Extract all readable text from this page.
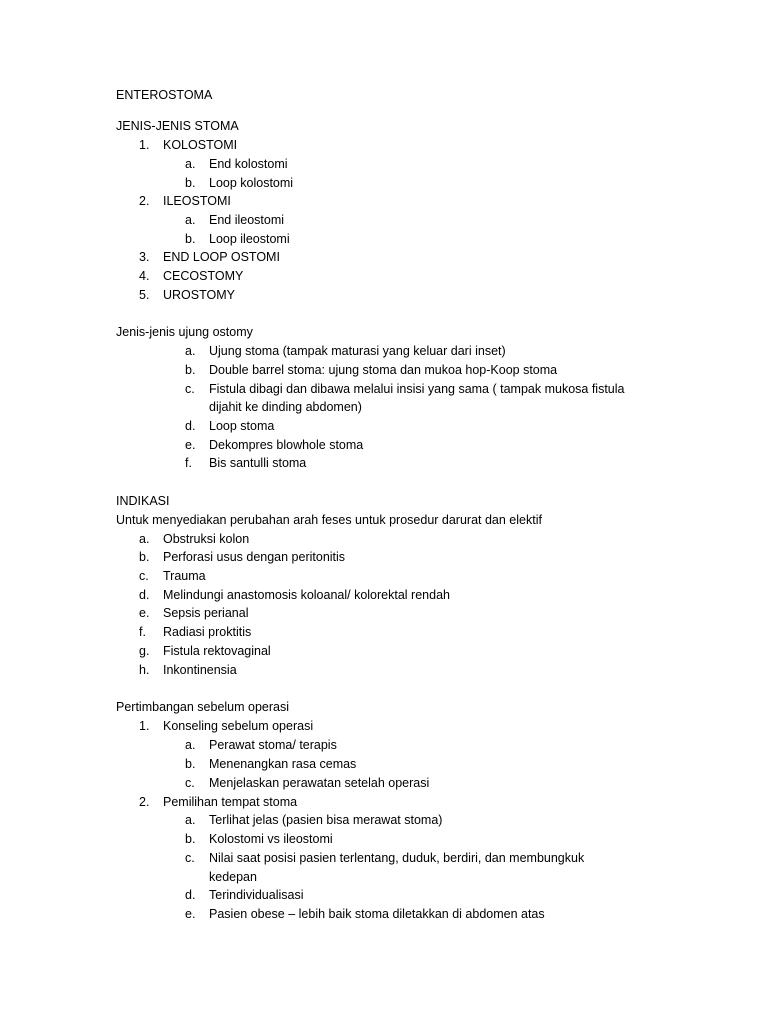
ENTEROSTOMA
JENIS-JENIS STOMA
1. KOLOSTOMI
a. End kolostomi
b. Loop kolostomi
2. ILEOSTOMI
a. End ileostomi
b. Loop ileostomi
3. END LOOP OSTOMI
4. CECOSTOMY
5. UROSTOMY
Jenis-jenis ujung ostomy
a. Ujung stoma (tampak maturasi yang keluar dari inset)
b. Double barrel stoma: ujung stoma dan mukoa hop-Koop stoma
c. Fistula dibagi dan dibawa melalui insisi yang sama ( tampak mukosa fistula
dijahit ke dinding abdomen)
d. Loop stoma
e. Dekompres blowhole stoma
f. Bis santulli stoma
INDIKASI
Untuk menyediakan perubahan arah feses untuk prosedur darurat dan elektif
a. Obstruksi kolon
b. Perforasi usus dengan peritonitis
c. Trauma
d. Melindungi anastomosis koloanal/ kolorektal rendah
e. Sepsis perianal
f. Radiasi proktitis
g. Fistula rektovaginal
h. Inkontinensia
Pertimbangan sebelum operasi
1. Konseling sebelum operasi
a. Perawat stoma/ terapis
b. Menenangkan rasa cemas
c. Menjelaskan perawatan setelah operasi
2. Pemilihan tempat stoma
a. Terlihat jelas (pasien bisa merawat stoma)
b. Kolostomi vs ileostomi
c. Nilai saat posisi pasien terlentang, duduk, berdiri, dan membungkuk
kedepan
d. Terindividualisasi
e. Pasien obese – lebih baik stoma diletakkan di abdomen atas
